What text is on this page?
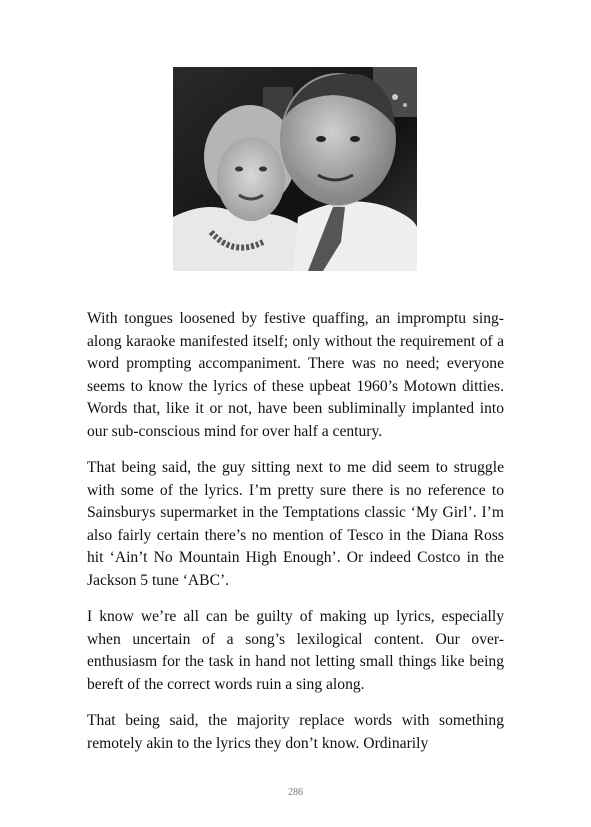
With tongues loosened by festive quaffing, an impromptu sing-along karaoke manifested itself; only without the requirement of a word prompting accompaniment. There was no need; everyone seems to know the lyrics of these upbeat 1960’s Motown ditties. Words that, like it or not, have been subliminally implanted into our sub-conscious mind for over half a century.

That being said, the guy sitting next to me did seem to struggle with some of the lyrics. I’m pretty sure there is no reference to Sainsburys supermarket in the Temptations classic ‘My Girl’. I’m also fairly certain there’s no mention of Tesco in the Diana Ross hit ‘Ain’t No Mountain High Enough’. Or indeed Costco in the Jackson 5 tune ‘ABC’.

I know we’re all can be guilty of making up lyrics, especially when uncertain of a song’s lexilogical content. Our over-enthusiasm for the task in hand not letting small things like being bereft of the correct words ruin a sing along.

That being said, the majority replace words with something remotely akin to the lyrics they don’t know. Ordinarily

286
